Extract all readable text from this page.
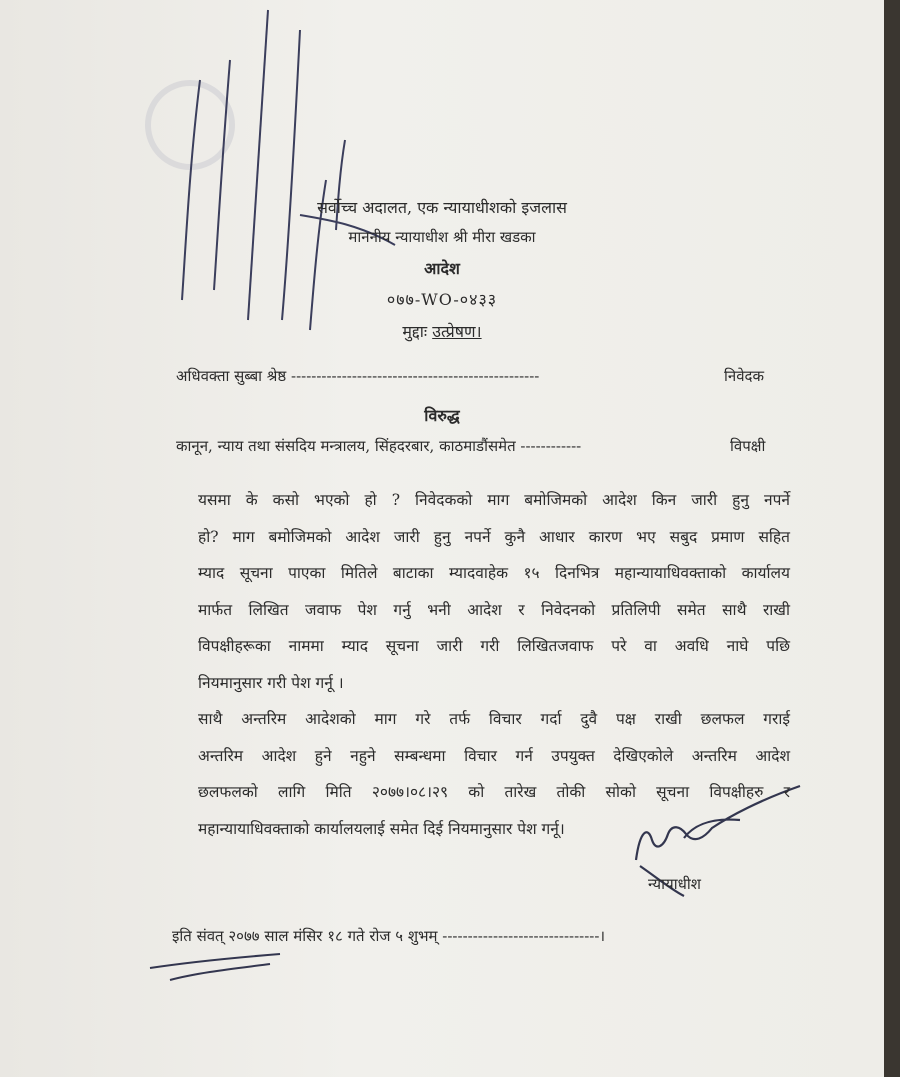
सर्वोच्च अदालत, एक न्यायाधीशको इजलास
माननीय न्यायाधीश श्री मीरा खडका
आदेश
०७७-WO-०४३३
मुद्दाः उत्प्रेषण।
अधिवक्ता सुब्बा श्रेष्ठ -------------------------------------------------	निवेदक
विरुद्ध
कानून, न्याय तथा संसदिय मन्त्रालय, सिंहदरबार, काठमाडौंसमेत ------------	विपक्षी
यसमा के कसो भएको हो ? निवेदकको माग बमोजिमको आदेश किन जारी हुनु नपर्ने
हो? माग बमोजिमको आदेश जारी हुनु नपर्ने कुनै आधार कारण भए सबुद प्रमाण सहित
म्याद सूचना पाएका मितिले बाटाका म्यादवाहेक १५ दिनभित्र महान्यायाधिवक्ताको कार्यालय
मार्फत लिखित जवाफ पेश गर्नु भनी आदेश र निवेदनको प्रतिलिपी समेत साथै राखी
विपक्षीहरूका नाममा म्याद सूचना जारी गरी लिखितजवाफ परे वा अवधि नाघे पछि
नियमानुसार गरी पेश गर्नू ।
साथै अन्तरिम आदेशको माग गरे तर्फ विचार गर्दा दुवै पक्ष राखी छलफल गराई
अन्तरिम आदेश हुने नहुने सम्बन्धमा विचार गर्न उपयुक्त देखिएकोले अन्तरिम आदेश
छलफलको लागि मिति २०७७।०८।२९ को तारेख तोकी सोको सूचना विपक्षीहरु र
महान्यायाधिवक्ताको कार्यालयलाई समेत दिई नियमानुसार पेश गर्नू।
न्यायाधीश
इति संवत् २०७७ साल मंसिर १८ गते रोज ५ शुभम् -------------------------------।
